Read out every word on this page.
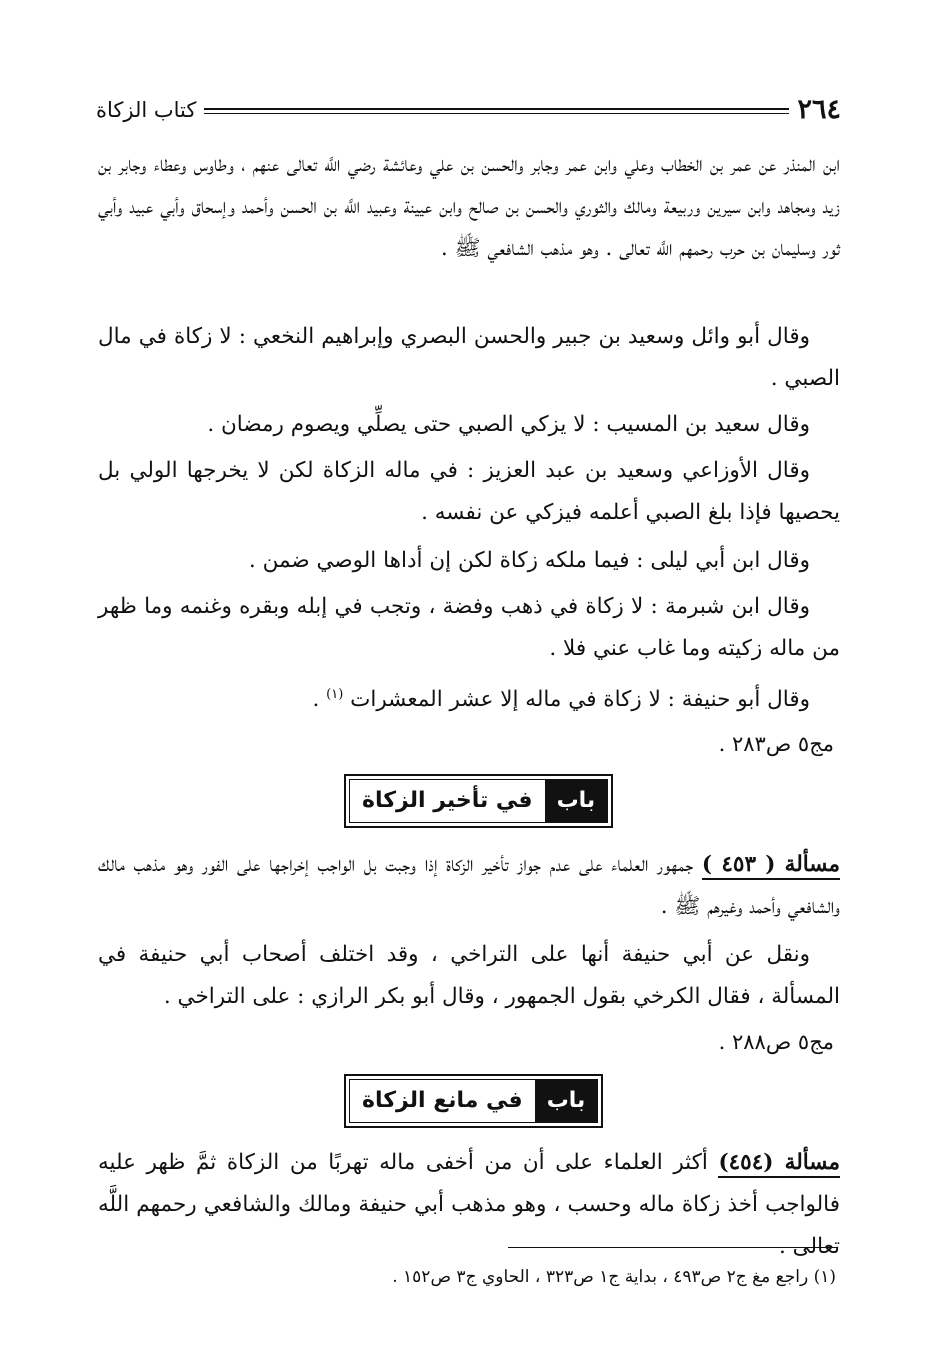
٢٦٤
كتاب الزكاة
ابن المنذر عن عمر بن الخطاب وعلي وابن عمر وجابر والحسن بن علي وعائشة رضي اللَّه تعالى عنهم ، وطاوس وعطاء وجابر بن زيد ومجاهد وابن سيرين وربيعة ومالك والثوري والحسن بن صالح وابن عيينة وعبيد اللَّه بن الحسن وأحمد وإسحاق وأبي عبيد وأبي ثور وسليمان بن حرب رحمهم اللَّه تعالى . وهو مذهب الشافعي ﷺ .
وقال أبو وائل وسعيد بن جبير والحسن البصري وإبراهيم النخعي : لا زكاة في مال الصبي .
وقال سعيد بن المسيب : لا يزكي الصبي حتى يصلِّي ويصوم رمضان .
وقال الأوزاعي وسعيد بن عبد العزيز : في ماله الزكاة لكن لا يخرجها الولي بل يحصيها فإذا بلغ الصبي أعلمه فيزكي عن نفسه .
وقال ابن أبي ليلى : فيما ملكه زكاة لكن إن أداها الوصي ضمن .
وقال ابن شبرمة : لا زكاة في ذهب وفضة ، وتجب في إبله وبقره وغنمه وما ظهر من ماله زكيته وما غاب عني فلا .
وقال أبو حنيفة : لا زكاة في ماله إلا عشر المعشرات $^{(١)}$ .
مج٥ ص٢٨٣ .
باب
في تأخير الزكاة
مسألة ( ٤٥٣ ) جمهور العلماء على عدم جواز تأخير الزكاة إذا وجبت بل الواجب إخراجها على الفور وهو مذهب مالك والشافعي وأحمد وغيرهم ﷺ .
ونقل عن أبي حنيفة أنها على التراخي ، وقد اختلف أصحاب أبي حنيفة في المسألة ، فقال الكرخي بقول الجمهور ، وقال أبو بكر الرازي : على التراخي .
مج٥ ص٢٨٨ .
باب
في مانع الزكاة
مسألة (٤٥٤) أكثر العلماء على أن من أخفى ماله تهربًا من الزكاة ثمَّ ظهر عليه فالواجب أخذ زكاة ماله وحسب ، وهو مذهب أبي حنيفة ومالك والشافعي رحمهم اللَّه تعالى .
(١) راجع مغ ج٢ ص٤٩٣ ، بداية ج١ ص٣٢٣ ، الحاوي ج٣ ص١٥٢ .
